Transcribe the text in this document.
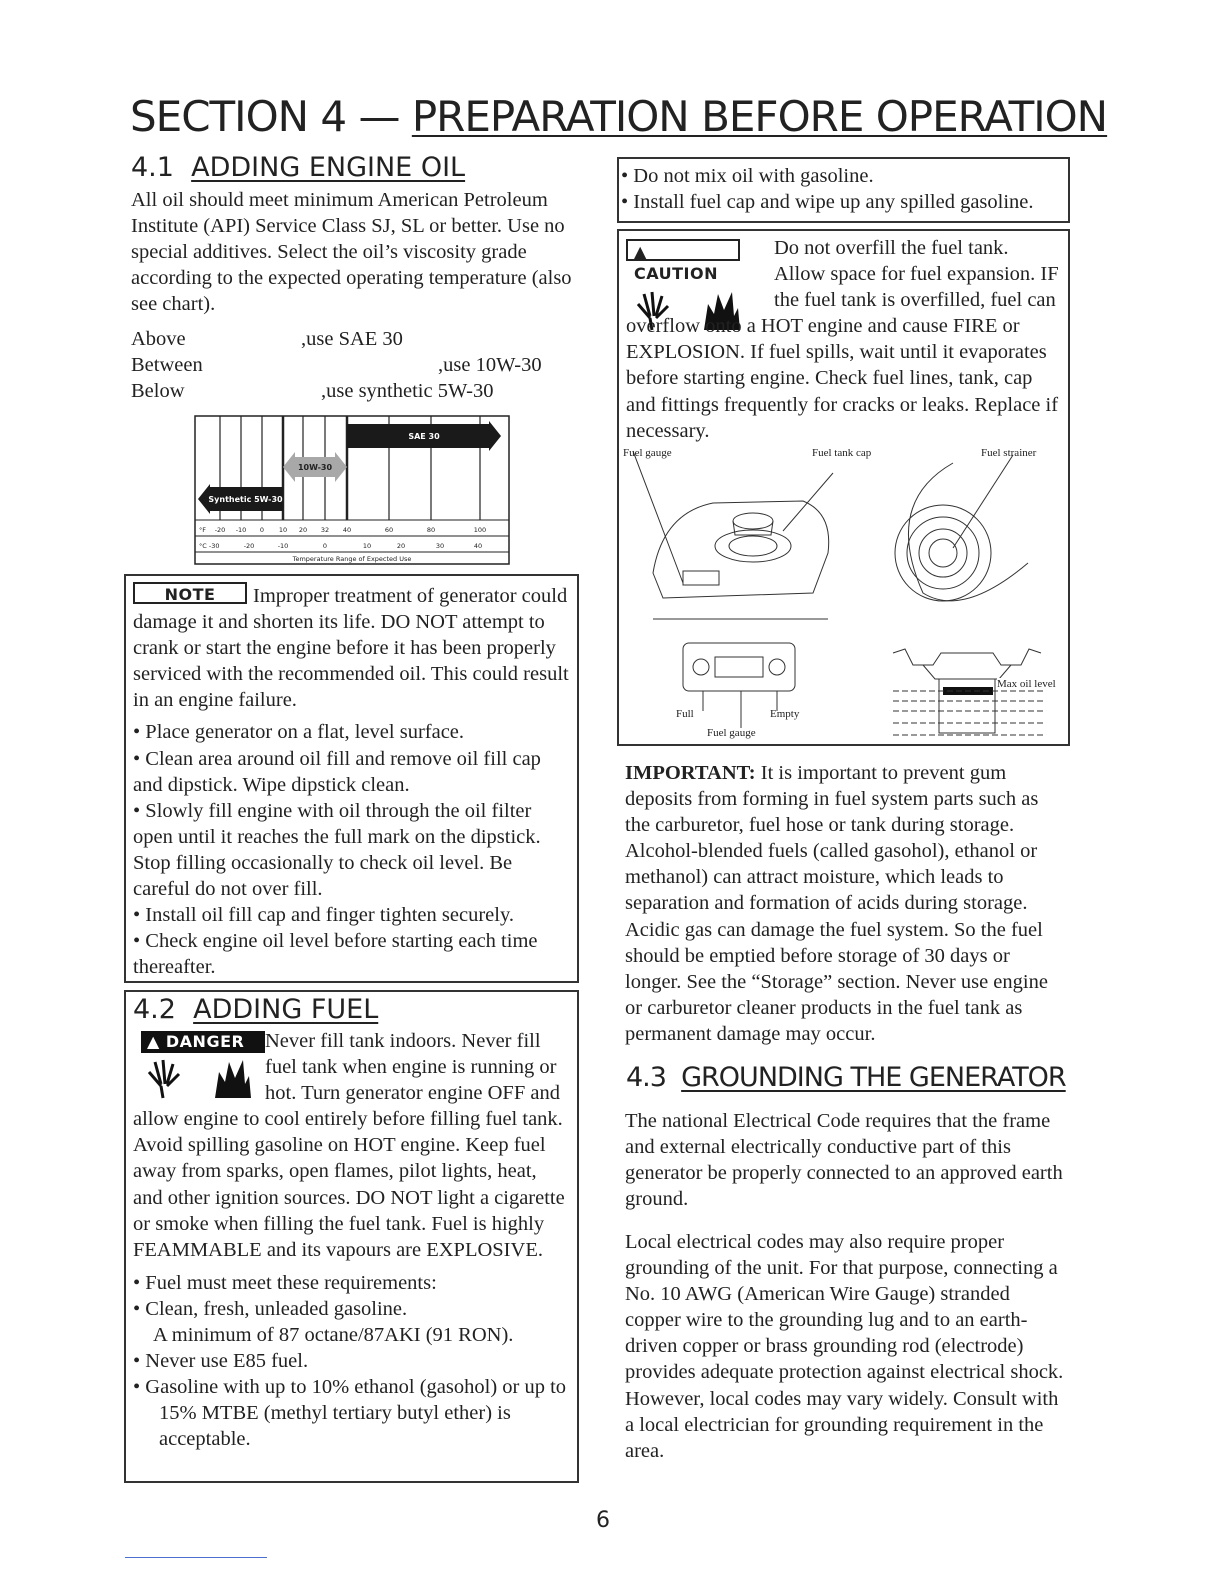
SECTION 4 — PREPARATION BEFORE OPERATION
4.1 ADDING ENGINE OIL

All oil should meet minimum American Petroleum Institute (API) Service Class SJ, SL or better. Use no special additives. Select the oil’s viscosity grade according to the expected operating temperature (also see chart).

Above	,use SAE 30
Between	,use 10W-30
Below	,use synthetic 5W-30
SAE 30
10W-30
Synthetic 5W-30
°F -20 -10 0 10 20 32 40	60	80	100
°C -30	-20	-10	0	10	20	30	40
Temperature Range of Expected Use
NOTE Improper treatment of generator could damage it and shorten its life. DO NOT attempt to crank or start the engine before it has been properly serviced with the recommended oil. This could result in an engine failure.

• Place generator on a flat, level surface.

• Clean area around oil fill and remove oil fill cap and dipstick. Wipe dipstick clean.

• Slowly fill engine with oil through the oil filter open until it reaches the full mark on the dipstick. Stop filling occasionally to check oil level. Be careful do not over fill.

• Install oil fill cap and finger tighten securely.

• Check engine oil level before starting each time thereafter.

4.2 ADDING FUEL
▲ DANGER	Never fill tank indoors. Never fill fuel tank when engine is running or hot. Turn generator engine OFF and allow engine to cool entirely before filling fuel tank. Avoid spilling gasoline on HOT engine. Keep fuel away from sparks, open flames, pilot lights, heat, and other ignition sources. DO NOT light a cigarette or smoke when filling the fuel tank. Fuel is highly FEAMMABLE and its vapours are EXPLOSIVE.

• Fuel must meet these requirements:

• Clean, fresh, unleaded gasoline.

A minimum of 87 octane/87AKI (91 RON).

• Never use E85 fuel.

• Gasoline with up to 10% ethanol (gasohol) or up to 15% MTBE (methyl tertiary butyl ether) is acceptable.

• Do not mix oil with gasoline.

• Install fuel cap and wipe up any spilled gasoline.

▲ CAUTION
Do not overfill the fuel tank. Allow space for fuel expansion. IF the fuel tank is overfilled, fuel can overflow onto a HOT engine and cause FIRE or EXPLOSION. If fuel spills, wait until it evaporates before starting engine. Check fuel lines, tank, cap and fittings frequently for cracks or leaks. Replace if necessary.
Fuel gauge	Fuel tank cap	Fuel strainer
Full	Empty
Fuel gauge
Max oil level

IMPORTANT: It is important to prevent gum deposits from forming in fuel system parts such as the carburetor, fuel hose or tank during storage. Alcohol-blended fuels (called gasohol), ethanol or methanol) can attract moisture, which leads to separation and formation of acids during storage. Acidic gas can damage the fuel system. So the fuel should be emptied before storage of 30 days or longer. See the “Storage” section. Never use engine or carburetor cleaner products in the fuel tank as permanent damage may occur.

4.3 GROUNDING THE GENERATOR

The national Electrical Code requires that the frame and external electrically conductive part of this generator be properly connected to an approved earth ground.

Local electrical codes may also require proper grounding of the unit. For that purpose, connecting a No. 10 AWG (American Wire Gauge) stranded copper wire to the grounding lug and to an earth-driven copper or brass grounding rod (electrode) provides adequate protection against electrical shock. However, local codes may vary widely. Consult with a local electrician for grounding requirement in the area.

6
